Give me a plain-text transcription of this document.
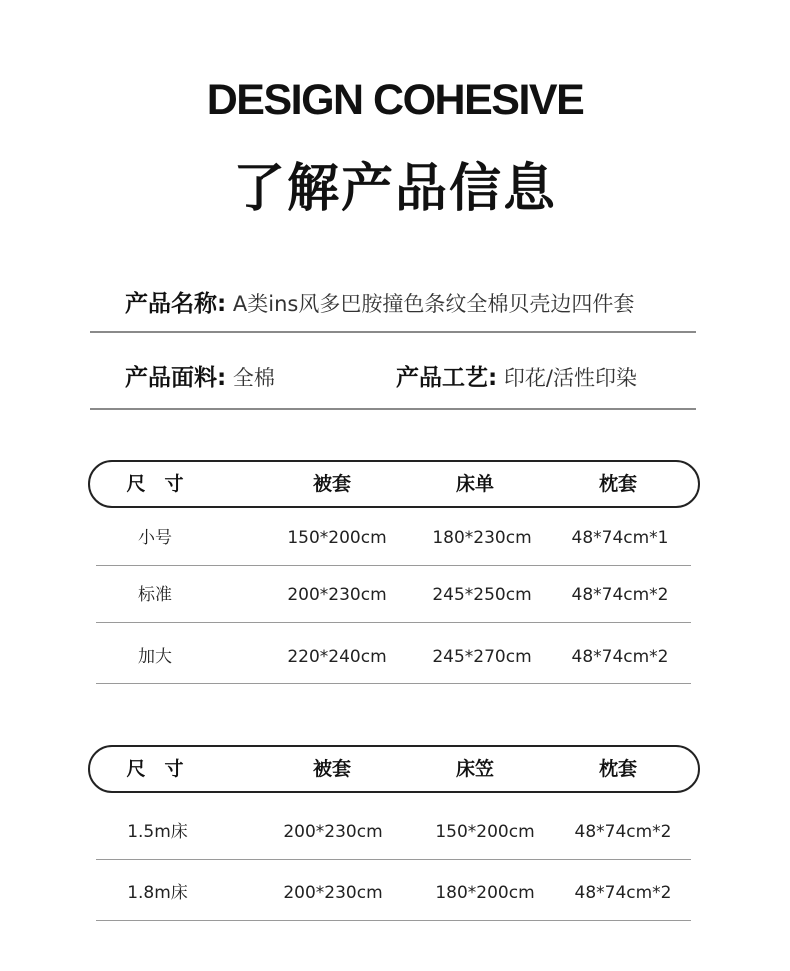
DESIGN COHESIVE
了解产品信息
产品名称: A类ins风多巴胺撞色条纹全棉贝壳边四件套
产品面料: 全棉	产品工艺: 印花/活性印染
尺　寸	被套	床单	枕套
小号	150*200cm	180*230cm	48*74cm*1
标准	200*230cm	245*250cm	48*74cm*2
加大	220*240cm	245*270cm	48*74cm*2
尺　寸	被套	床笠	枕套
1.5m床	200*230cm	150*200cm	48*74cm*2
1.8m床	200*230cm	180*200cm	48*74cm*2
